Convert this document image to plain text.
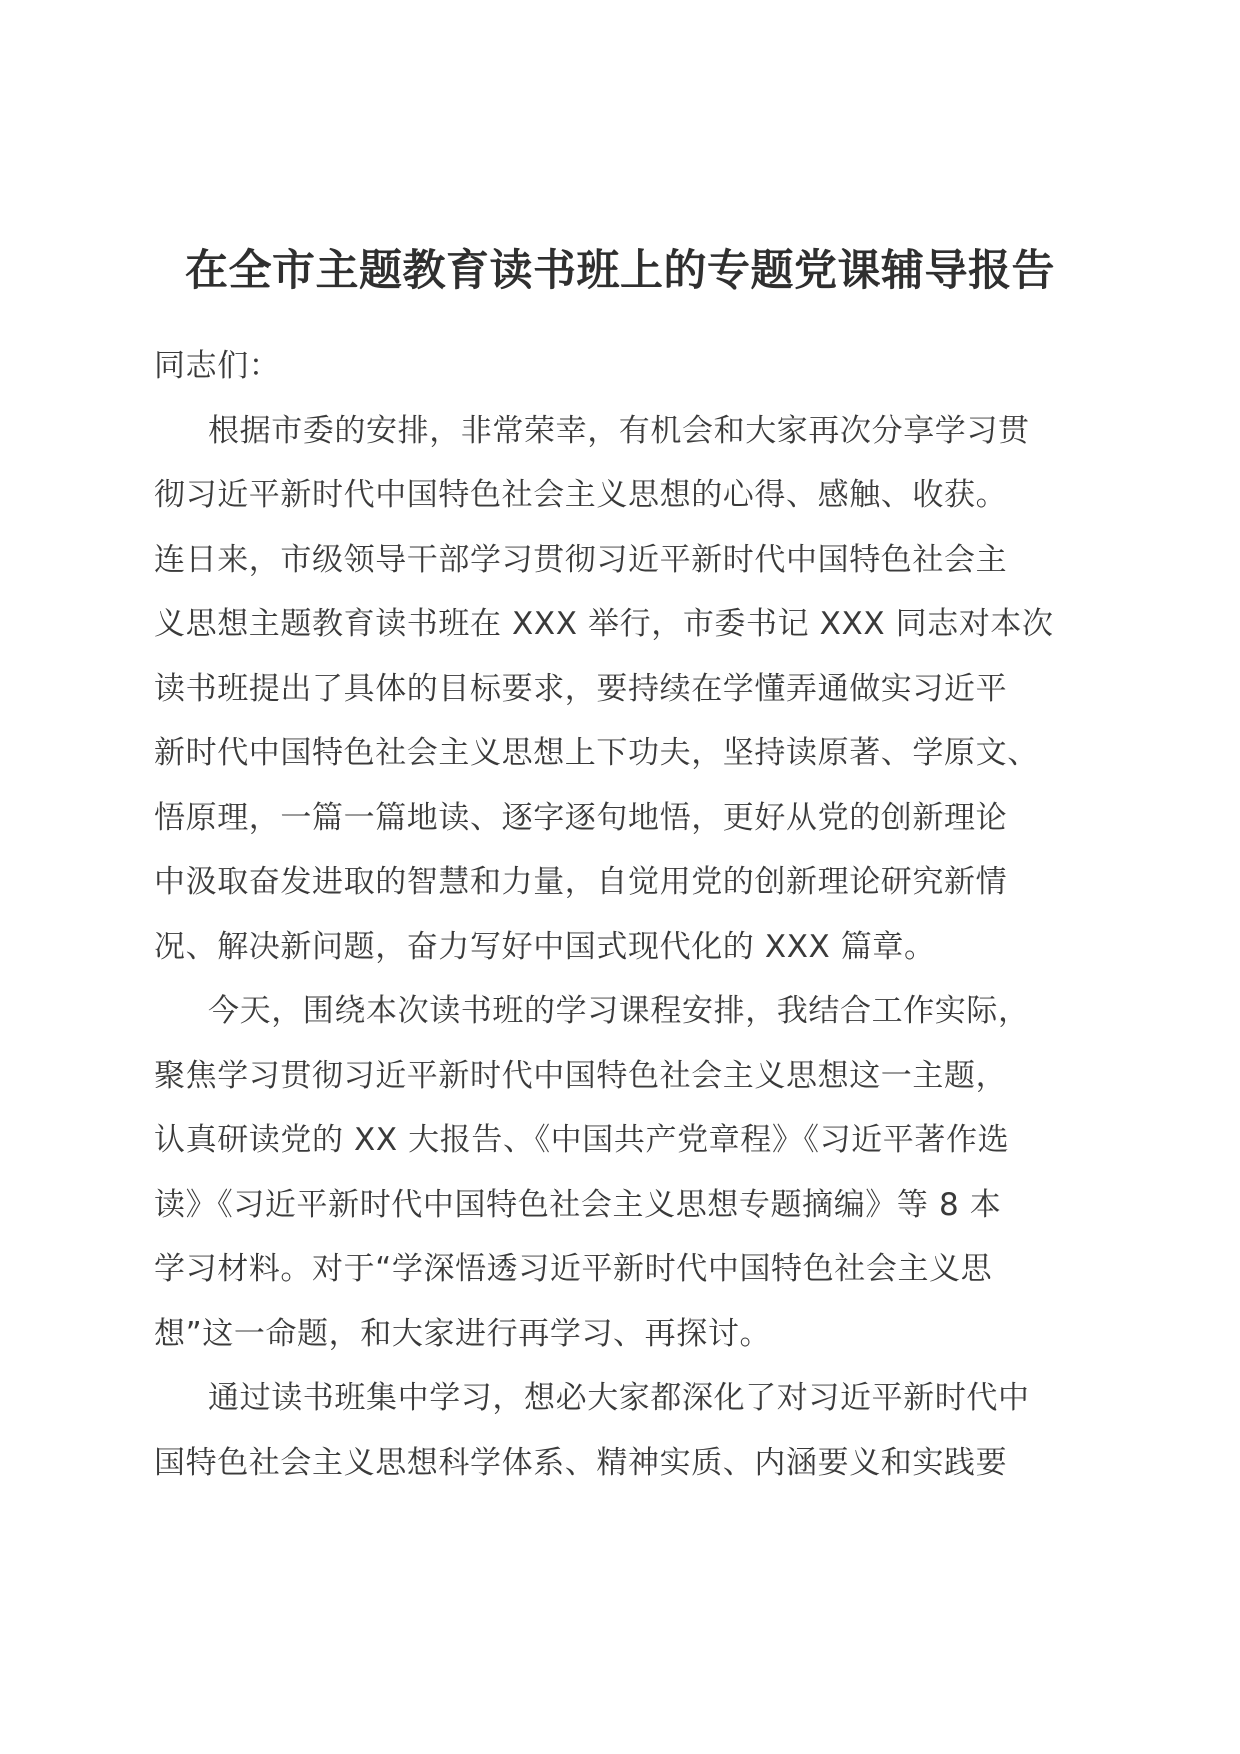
在全市主题教育读书班上的专题党课辅导报告

同志们：

根据市委的安排，非常荣幸，有机会和大家再次分享学习贯

彻习近平新时代中国特色社会主义思想的心得、感触、收获。

连日来，市级领导干部学习贯彻习近平新时代中国特色社会主

义思想主题教育读书班在 XXX 举行，市委书记 XXX 同志对本次

读书班提出了具体的目标要求，要持续在学懂弄通做实习近平

新时代中国特色社会主义思想上下功夫，坚持读原著、学原文、

悟原理，一篇一篇地读、逐字逐句地悟，更好从党的创新理论

中汲取奋发进取的智慧和力量，自觉用党的创新理论研究新情

况、解决新问题，奋力写好中国式现代化的 XXX 篇章。

今天，围绕本次读书班的学习课程安排，我结合工作实际，

聚焦学习贯彻习近平新时代中国特色社会主义思想这一主题，

认真研读党的 XX 大报告、《中国共产党章程》《习近平著作选

读》《习近平新时代中国特色社会主义思想专题摘编》等 8 本

学习材料。对于“学深悟透习近平新时代中国特色社会主义思

想”这一命题，和大家进行再学习、再探讨。

通过读书班集中学习，想必大家都深化了对习近平新时代中

国特色社会主义思想科学体系、精神实质、内涵要义和实践要
